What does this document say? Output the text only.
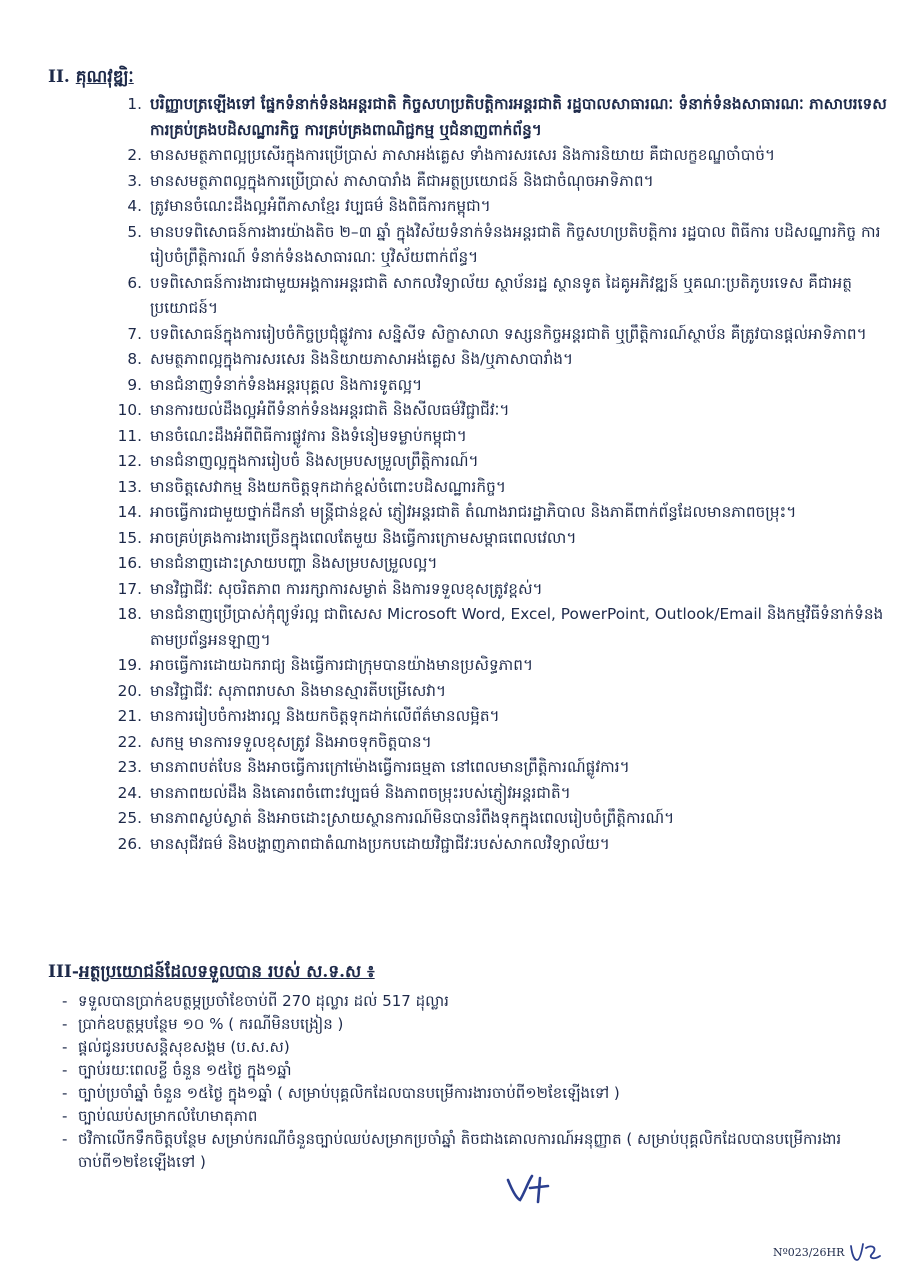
II. គុណវុឌ្ឍិៈ
1. បរិញ្ញាបត្រឡើងទៅ ផ្នែកទំនាក់ទំនងអន្តរជាតិ កិច្ចសហប្រតិបត្តិការអន្តរជាតិ រដ្ឋបាលសាធារណៈ ទំនាក់ទំនងសាធារណៈ ភាសាបរទេស ការគ្រប់គ្រងបដិសណ្ឋារកិច្ច ការគ្រប់គ្រងពាណិជ្ជកម្ម ឬជំនាញពាក់ព័ន្ធ។
2. មានសមត្ថភាពល្អប្រសើរក្នុងការប្រើប្រាស់ ភាសាអង់គ្លេស ទាំងការសរសេរ និងការនិយាយ គឺជាលក្ខខណ្ឌចាំបាច់។
3. មានសមត្ថភាពល្អក្នុងការប្រើប្រាស់ ភាសាបារាំង គឺជាអត្ថប្រយោជន៍ និងជាចំណុចអាទិភាព។
4. ត្រូវមានចំណេះដឹងល្អអំពីភាសាខ្មែរ វប្បធម៌ និងពិធីការកម្ពុជា។
5. មានបទពិសោធន៍ការងារយ៉ាងតិច ២–៣ ឆ្នាំ ក្នុងវិស័យទំនាក់ទំនងអន្តរជាតិ កិច្ចសហប្រតិបត្តិការ រដ្ឋបាល ពិធីការ បដិសណ្ឋារកិច្ច ការរៀបចំព្រឹត្តិការណ៍ ទំនាក់ទំនងសាធារណៈ ឬវិស័យពាក់ព័ន្ធ។
6. បទពិសោធន៍ការងារជាមួយអង្គការអន្តរជាតិ សាកលវិទ្យាល័យ ស្ថាប័នរដ្ឋ ស្ថានទូត ដៃគូអភិវឌ្ឍន៍ ឬគណៈប្រតិភូបរទេស គឺជាអត្ថប្រយោជន៍។
7. បទពិសោធន៍ក្នុងការរៀបចំកិច្ចប្រជុំផ្លូវការ សន្និសីទ សិក្ខាសាលា ទស្សនកិច្ចអន្តរជាតិ ឬព្រឹត្តិការណ៍ស្ថាប័ន គឺត្រូវបានផ្តល់អាទិភាព។
8. សមត្ថភាពល្អក្នុងការសរសេរ និងនិយាយភាសាអង់គ្លេស និង/ឬភាសាបារាំង។
9. មានជំនាញទំនាក់ទំនងអន្តរបុគ្គល និងការទូតល្អ។
10. មានការយល់ដឹងល្អអំពីទំនាក់ទំនងអន្តរជាតិ និងសីលធម៌វិជ្ជាជីវៈ។
11. មានចំណេះដឹងអំពីពិធីការផ្លូវការ និងទំនៀមទម្លាប់កម្ពុជា។
12. មានជំនាញល្អក្នុងការរៀបចំ និងសម្របសម្រួលព្រឹត្តិការណ៍។
13. មានចិត្តសេវាកម្ម និងយកចិត្តទុកដាក់ខ្ពស់ចំពោះបដិសណ្ឋារកិច្ច។
14. អាចធ្វើការជាមួយថ្នាក់ដឹកនាំ មន្ត្រីជាន់ខ្ពស់ ភ្ញៀវអន្តរជាតិ តំណាងរាជរដ្ឋាភិបាល និងភាគីពាក់ព័ន្ធដែលមានភាពចម្រុះ។
15. អាចគ្រប់គ្រងការងារច្រើនក្នុងពេលតែមួយ និងធ្វើការក្រោមសម្ពាធពេលវេលា។
16. មានជំនាញដោះស្រាយបញ្ហា និងសម្របសម្រួលល្អ។
17. មានវិជ្ជាជីវៈ សុចរិតភាព ការរក្សាការសម្ងាត់ និងការទទួលខុសត្រូវខ្ពស់។
18. មានជំនាញប្រើប្រាស់កុំព្យូទ័រល្អ ជាពិសេស Microsoft Word, Excel, PowerPoint, Outlook/Email និងកម្មវិធីទំនាក់ទំនងតាមប្រព័ន្ធអនឡាញ។
19. អាចធ្វើការដោយឯករាជ្យ និងធ្វើការជាក្រុមបានយ៉ាងមានប្រសិទ្ធភាព។
20. មានវិជ្ជាជីវៈ សុភាពរាបសា និងមានស្មារតីបម្រើសេវា។
21. មានការរៀបចំការងារល្អ និងយកចិត្តទុកដាក់លើព័ត៌មានលម្អិត។
22. សកម្ម មានការទទួលខុសត្រូវ និងអាចទុកចិត្តបាន។
23. មានភាពបត់បែន និងអាចធ្វើការក្រៅម៉ោងធ្វើការធម្មតា នៅពេលមានព្រឹត្តិការណ៍ផ្លូវការ។
24. មានភាពយល់ដឹង និងគោរពចំពោះវប្បធម៌ និងភាពចម្រុះរបស់ភ្ញៀវអន្តរជាតិ។
25. មានភាពស្ងប់ស្ងាត់ និងអាចដោះស្រាយស្ថានការណ៍មិនបានរំពឹងទុកក្នុងពេលរៀបចំព្រឹត្តិការណ៍។
26. មានសុជីវធម៌ និងបង្ហាញភាពជាតំណាងប្រកបដោយវិជ្ជាជីវៈរបស់សាកលវិទ្យាល័យ។
III-អត្ថប្រយោជន៍ដែលទទួលបាន របស់ ស.ទ.ស ៖
- ទទួលបានប្រាក់ឧបត្ថម្ភប្រចាំខែចាប់ពី 270 ដុល្លារ ដល់ 517 ដុល្លារ
- ប្រាក់ឧបត្ថម្ភបន្ថែម ១០ % ( ករណីមិនបង្រៀន )
- ផ្តល់ជូនរបបសន្តិសុខសង្គម (ប.ស.ស)
- ច្បាប់រយៈពេលខ្លី ចំនួន ១៥ថ្ងៃ ក្នុង១ឆ្នាំ
- ច្បាប់ប្រចាំឆ្នាំ ចំនួន ១៥ថ្ងៃ ក្នុង១ឆ្នាំ ( សម្រាប់បុគ្គលិកដែលបានបម្រើការងារចាប់ពី១២ខែឡើងទៅ )
- ច្បាប់ឈប់សម្រាកលំហែមាតុភាព
- ថវិកាលើកទឹកចិត្តបន្ថែម សម្រាប់ករណីចំនួនច្បាប់ឈប់សម្រាកប្រចាំឆ្នាំ តិចជាងគោលការណ៍អនុញ្ញាត ( សម្រាប់បុគ្គលិកដែលបានបម្រើការងារចាប់ពី១២ខែឡើងទៅ )
Nº023/26HR
